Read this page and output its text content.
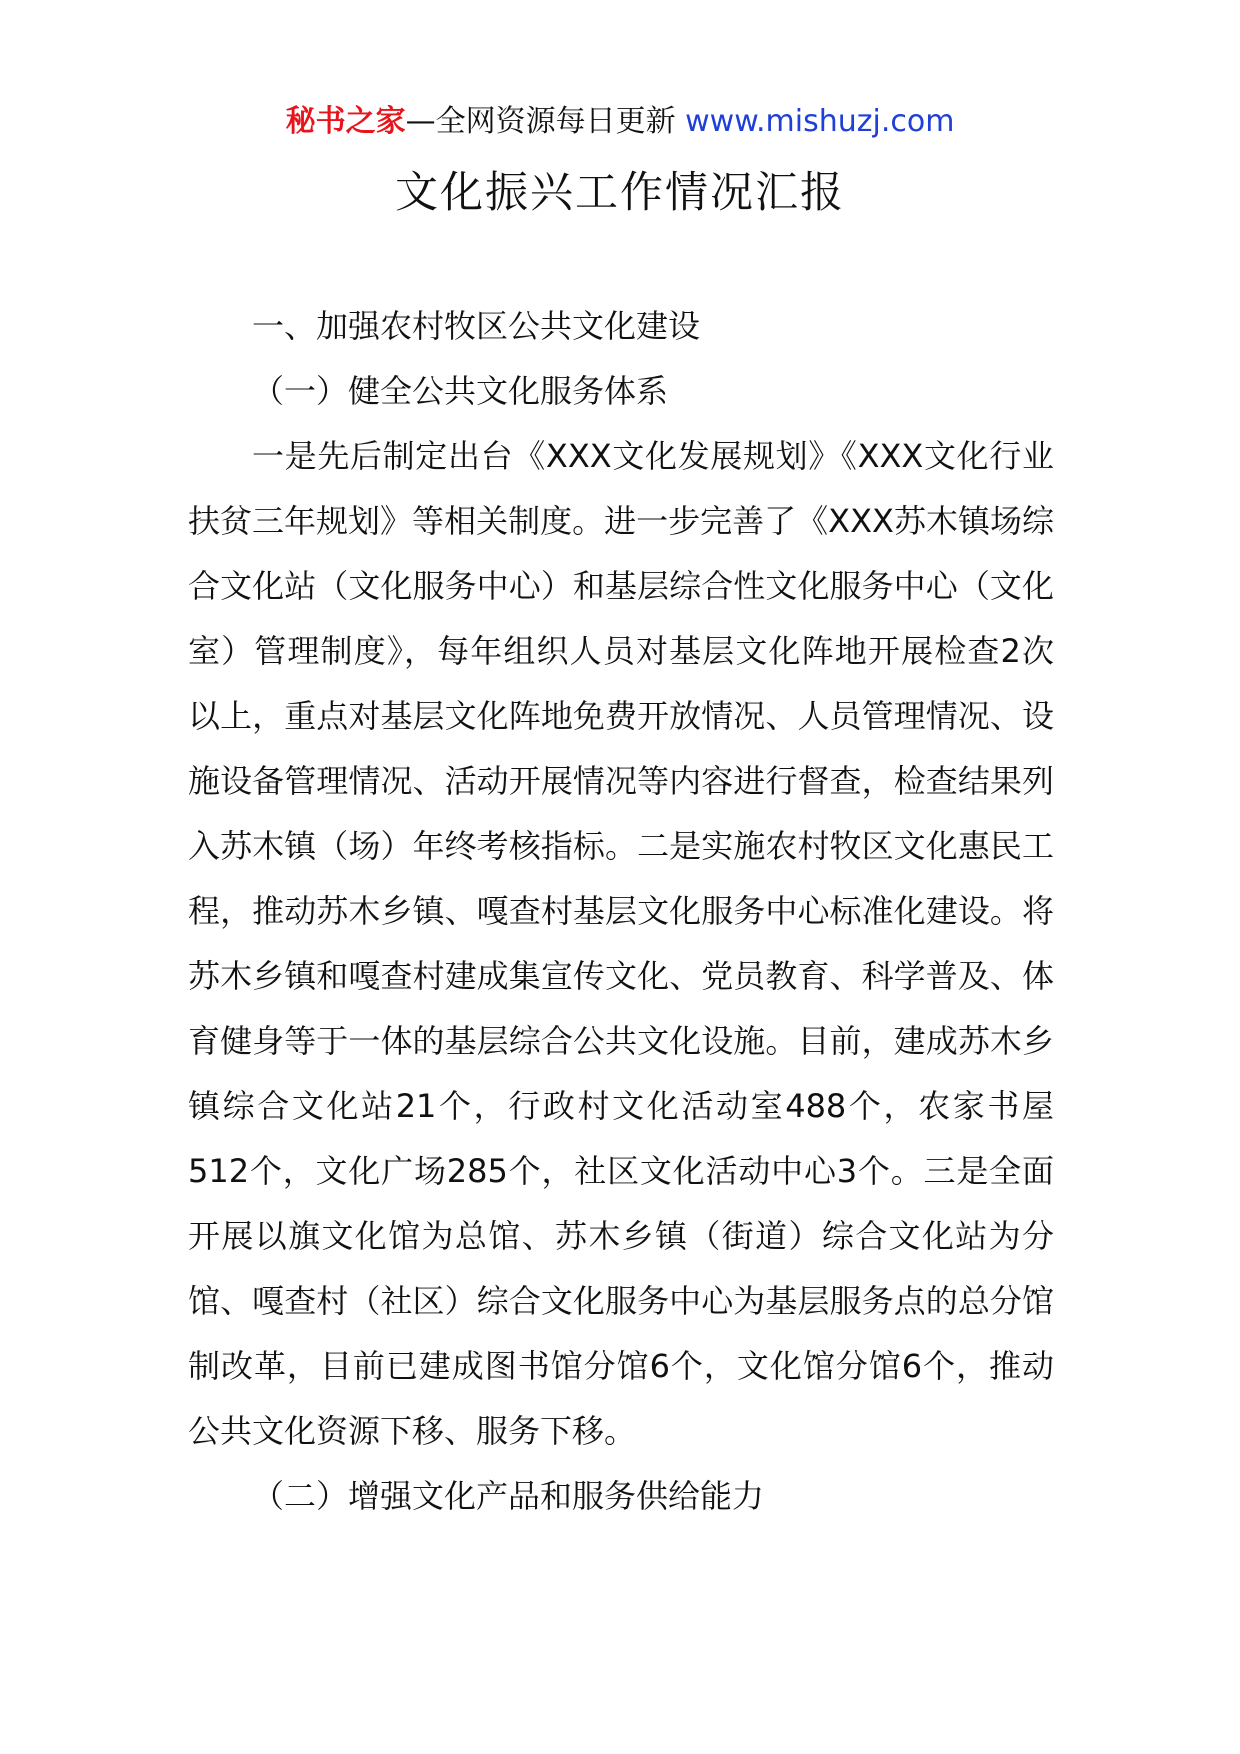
秘书之家—全网资源每日更新 www.mishuzj.com
文化振兴工作情况汇报

一、加强农村牧区公共文化建设

（一）健全公共文化服务体系

一是先后制定出台《XXX文化发展规划》《XXX文化行业扶贫三年规划》等相关制度。进一步完善了《XXX苏木镇场综合文化站（文化服务中心）和基层综合性文化服务中心（文化室）管理制度》，每年组织人员对基层文化阵地开展检查2次以上，重点对基层文化阵地免费开放情况、人员管理情况、设施设备管理情况、活动开展情况等内容进行督查，检查结果列入苏木镇（场）年终考核指标。二是实施农村牧区文化惠民工程，推动苏木乡镇、嘎查村基层文化服务中心标准化建设。将苏木乡镇和嘎查村建成集宣传文化、党员教育、科学普及、体育健身等于一体的基层综合公共文化设施。目前，建成苏木乡镇综合文化站21个，行政村文化活动室488个，农家书屋512个，文化广场285个，社区文化活动中心3个。三是全面开展以旗文化馆为总馆、苏木乡镇（街道）综合文化站为分馆、嘎查村（社区）综合文化服务中心为基层服务点的总分馆制改革，目前已建成图书馆分馆6个，文化馆分馆6个，推动公共文化资源下移、服务下移。

（二）增强文化产品和服务供给能力
